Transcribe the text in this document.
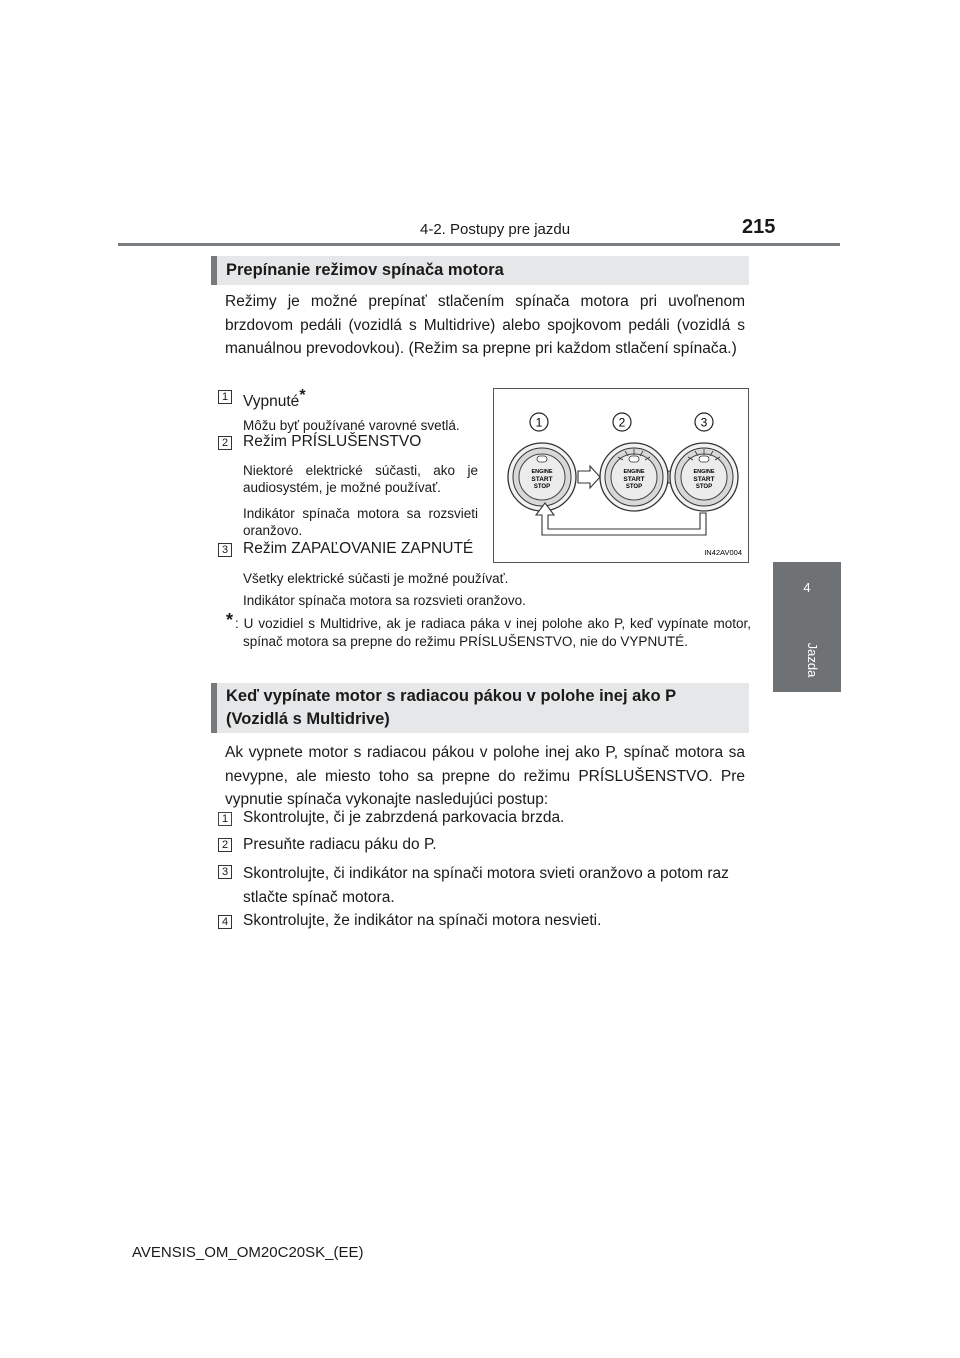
4-2. Postupy pre jazdu	215
4
Jazda
Prepínanie režimov spínača motora
Režimy je možné prepínať stlačením spínača motora pri uvoľnenom brzdovom pedáli (vozidlá s Multidrive) alebo spojkovom pedáli (vozidlá s manuálnou prevodovkou). (Režim sa prepne pri každom stlačení spínača.)
1 Vypnuté*
Môžu byť používané varovné svetlá.
2 Režim PRÍSLUŠENSTVO
Niektoré elektrické súčasti, ako je audiosystém, je možné používať.
Indikátor spínača motora sa rozsvieti oranžovo.
3 Režim ZAPAĽOVANIE ZAPNUTÉ
Všetky elektrické súčasti je možné používať.
Indikátor spínača motora sa rozsvieti oranžovo.
* : U vozidiel s Multidrive, ak je radiaca páka v inej polohe ako P, keď vypínate motor, spínač motora sa prepne do režimu PRÍSLUŠENSTVO, nie do VYPNUTÉ.
1	2	3
ENGINE
START
STOP
ENGINE
START
STOP
ENGINE
START
STOP
IN42AV004
Keď vypínate motor s radiacou pákou v polohe inej ako P
(Vozidlá s Multidrive)
Ak vypnete motor s radiacou pákou v polohe inej ako P, spínač motora sa nevypne, ale miesto toho sa prepne do režimu PRÍSLUŠENSTVO. Pre vypnutie spínača vykonajte nasledujúci postup:
1 Skontrolujte, či je zabrzdená parkovacia brzda.
2 Presuňte radiacu páku do P.
3 Skontrolujte, či indikátor na spínači motora svieti oranžovo a potom raz stlačte spínač motora.
4 Skontrolujte, že indikátor na spínači motora nesvieti.
AVENSIS_OM_OM20C20SK_(EE)
